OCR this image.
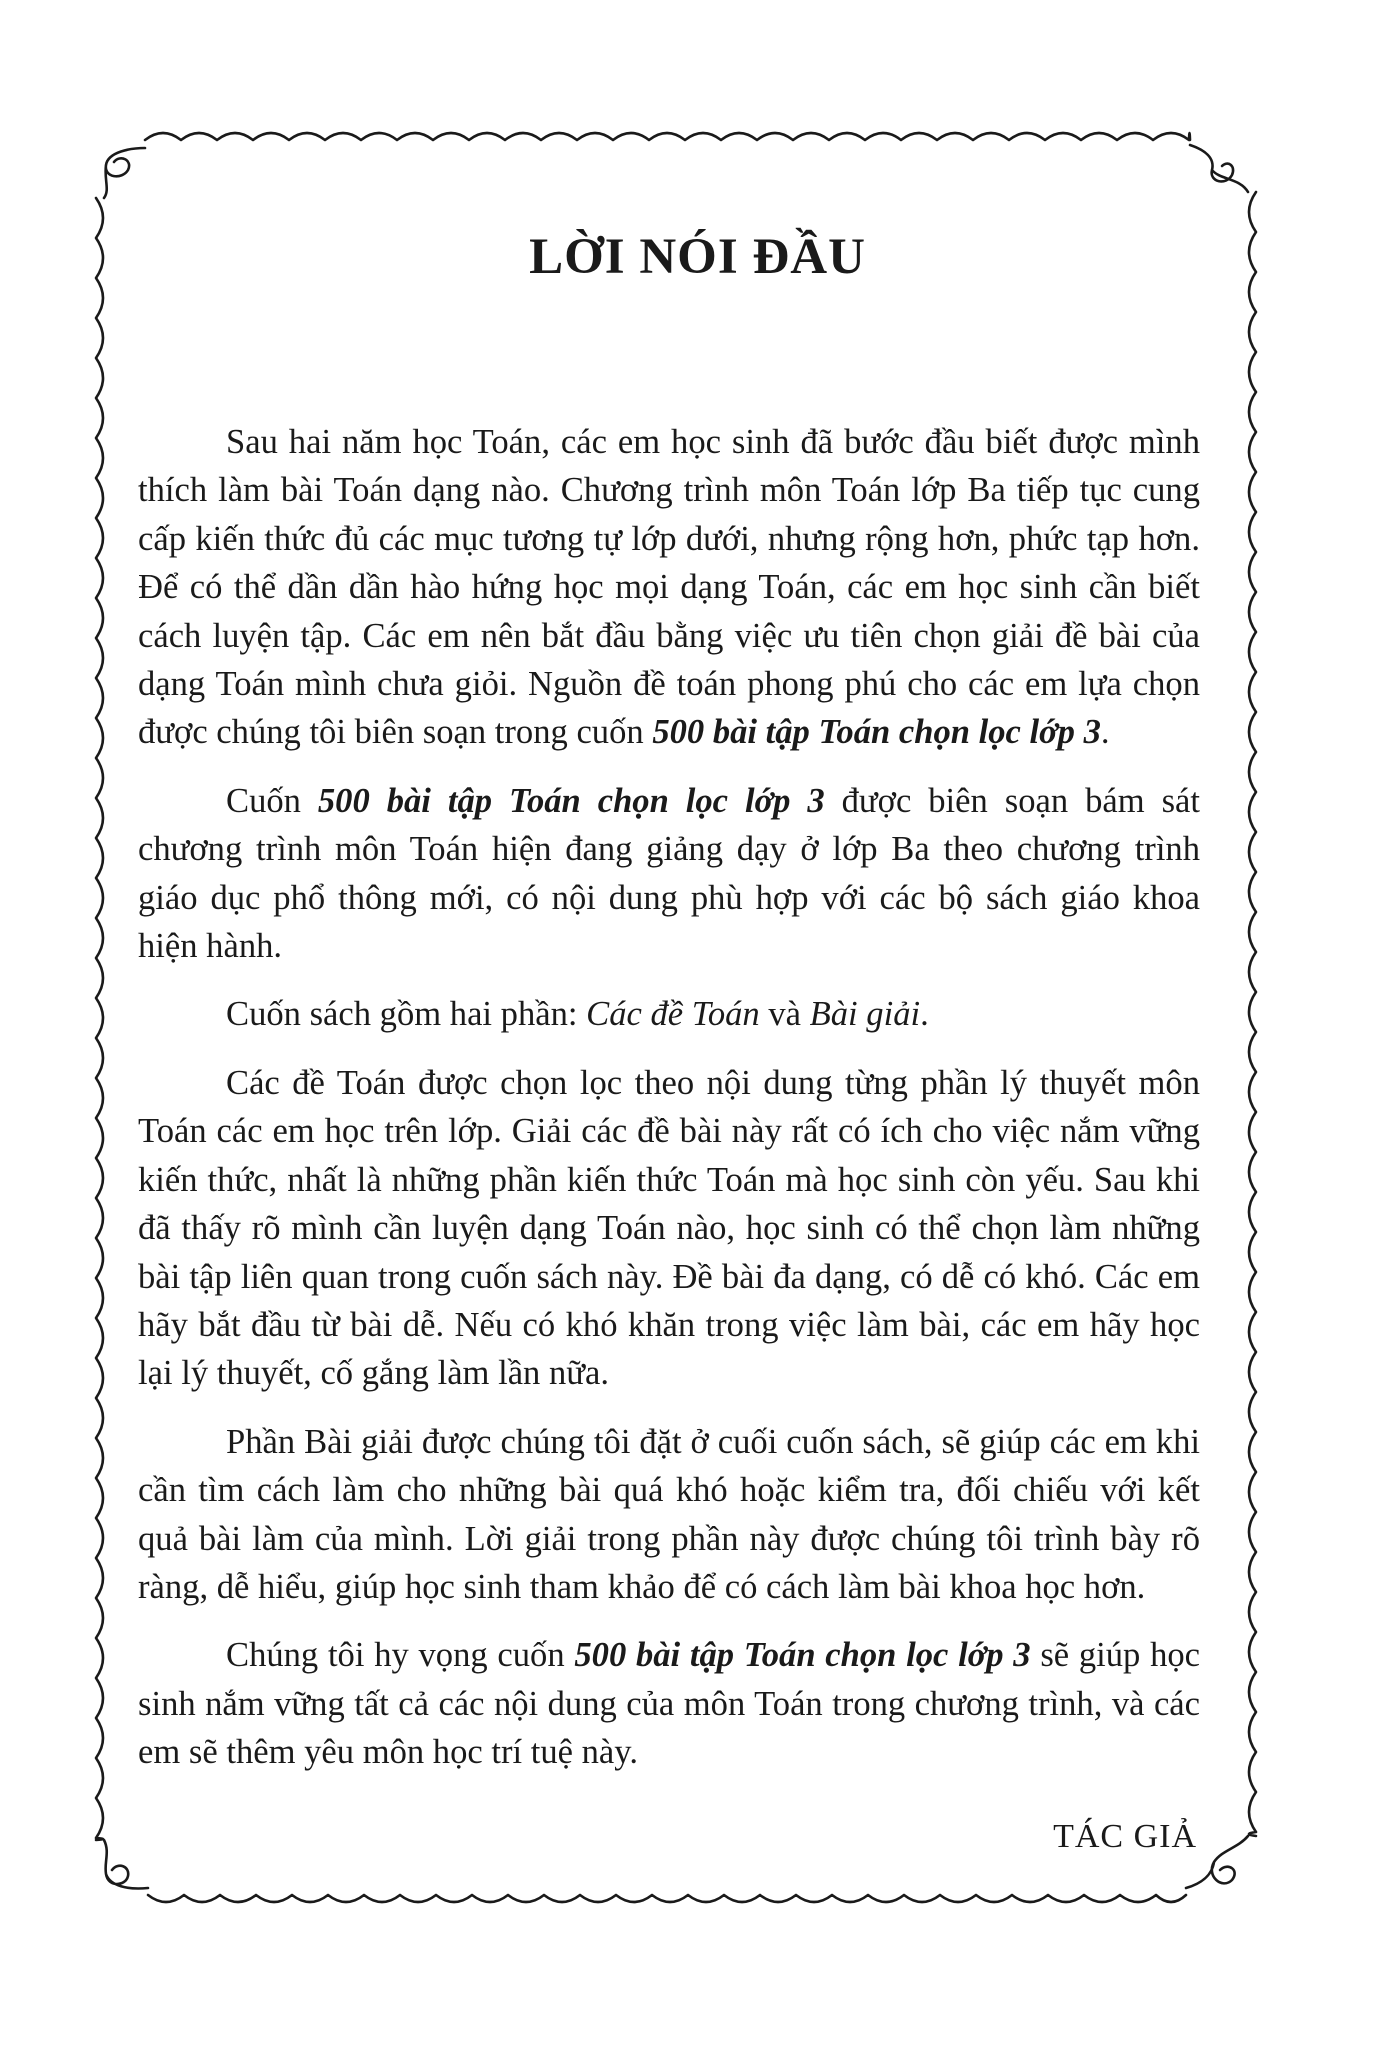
LỜI NÓI ĐẦU

Sau hai năm học Toán, các em học sinh đã bước đầu biết được mình thích làm bài Toán dạng nào. Chương trình môn Toán lớp Ba tiếp tục cung cấp kiến thức đủ các mục tương tự lớp dưới, nhưng rộng hơn, phức tạp hơn. Để có thể dần dần hào hứng học mọi dạng Toán, các em học sinh cần biết cách luyện tập. Các em nên bắt đầu bằng việc ưu tiên chọn giải đề bài của dạng Toán mình chưa giỏi. Nguồn đề toán phong phú cho các em lựa chọn được chúng tôi biên soạn trong cuốn 500 bài tập Toán chọn lọc lớp 3.

Cuốn 500 bài tập Toán chọn lọc lớp 3 được biên soạn bám sát chương trình môn Toán hiện đang giảng dạy ở lớp Ba theo chương trình giáo dục phổ thông mới, có nội dung phù hợp với các bộ sách giáo khoa hiện hành.

Cuốn sách gồm hai phần: Các đề Toán và Bài giải.

Các đề Toán được chọn lọc theo nội dung từng phần lý thuyết môn Toán các em học trên lớp. Giải các đề bài này rất có ích cho việc nắm vững kiến thức, nhất là những phần kiến thức Toán mà học sinh còn yếu. Sau khi đã thấy rõ mình cần luyện dạng Toán nào, học sinh có thể chọn làm những bài tập liên quan trong cuốn sách này. Đề bài đa dạng, có dễ có khó. Các em hãy bắt đầu từ bài dễ. Nếu có khó khăn trong việc làm bài, các em hãy học lại lý thuyết, cố gắng làm lần nữa.

Phần Bài giải được chúng tôi đặt ở cuối cuốn sách, sẽ giúp các em khi cần tìm cách làm cho những bài quá khó hoặc kiểm tra, đối chiếu với kết quả bài làm của mình. Lời giải trong phần này được chúng tôi trình bày rõ ràng, dễ hiểu, giúp học sinh tham khảo để có cách làm bài khoa học hơn.

Chúng tôi hy vọng cuốn 500 bài tập Toán chọn lọc lớp 3 sẽ giúp học sinh nắm vững tất cả các nội dung của môn Toán trong chương trình, và các em sẽ thêm yêu môn học trí tuệ này.

TÁC GIẢ
